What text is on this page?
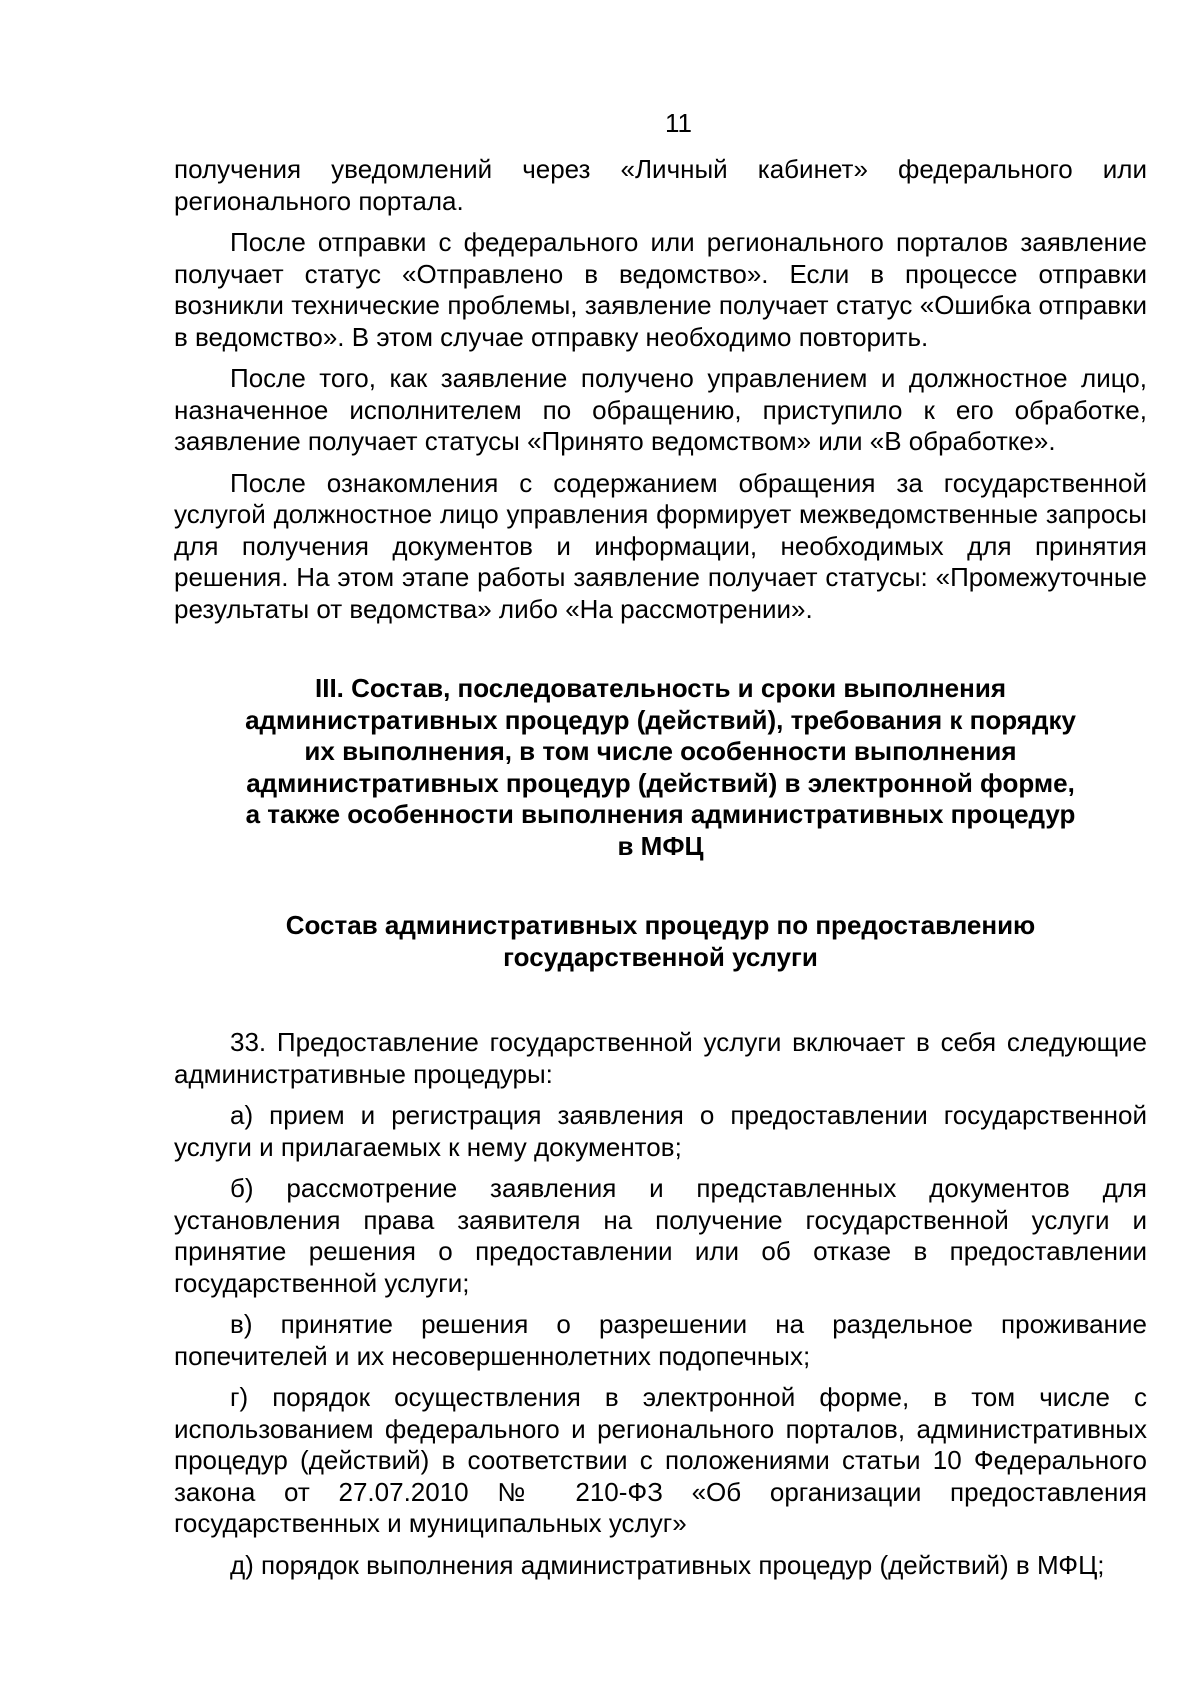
11

получения уведомлений через «Личный кабинет» федерального или регионального портала.

После отправки с федерального или регионального порталов заявление получает статус «Отправлено в ведомство». Если в процессе отправки возникли технические проблемы, заявление получает статус «Ошибка отправки в ведомство». В этом случае отправку необходимо повторить.

После того, как заявление получено управлением и должностное лицо, назначенное исполнителем по обращению, приступило к его обработке, заявление получает статусы «Принято ведомством» или «В обработке».

После ознакомления с содержанием обращения за государственной услугой должностное лицо управления формирует межведомственные запросы для получения документов и информации, необходимых для принятия решения. На этом этапе работы заявление получает статусы: «Промежуточные результаты от ведомства» либо «На рассмотрении».

III. Состав, последовательность и сроки выполнения
административных процедур (действий), требования к порядку
их выполнения, в том числе особенности выполнения
административных процедур (действий) в электронной форме,
а также особенности выполнения административных процедур
в МФЦ
Состав административных процедур по предоставлению
государственной услуги

33. Предоставление государственной услуги включает в себя следующие административные процедуры:

а) прием и регистрация заявления о предоставлении государственной услуги и прилагаемых к нему документов;

б) рассмотрение заявления и представленных документов для установления права заявителя на получение государственной услуги и принятие решения о предоставлении или об отказе в предоставлении государственной услуги;

в) принятие решения о разрешении на раздельное проживание попечителей и их несовершеннолетних подопечных;

г) порядок осуществления в электронной форме, в том числе с использованием федерального и регионального порталов, административных процедур (действий) в соответствии с положениями статьи 10 Федерального закона от 27.07.2010 № 210-ФЗ «Об организации предоставления государственных и муниципальных услуг»

д) порядок выполнения административных процедур (действий) в МФЦ;
